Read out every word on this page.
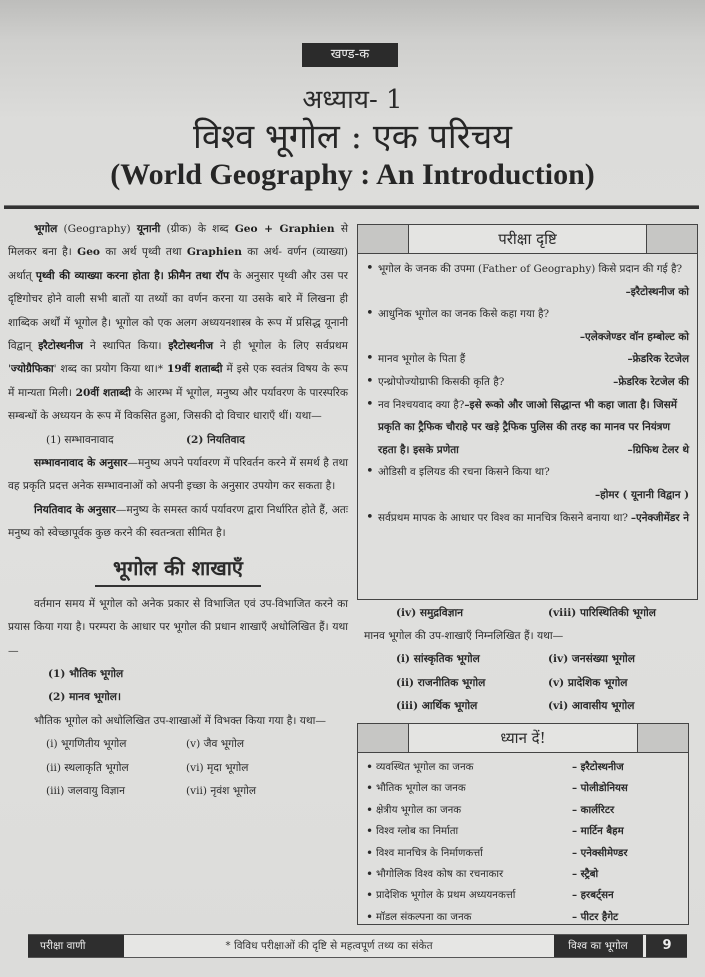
खण्ड-क
अध्याय- 1
विश्व भूगोल : एक परिचय
(World Geography : An Introduction)

भूगोल (Geography) यूनानी (ग्रीक) के शब्द Geo + Graphien से मिलकर बना है। Geo का अर्थ पृथ्वी तथा Graphien का अर्थ- वर्णन (व्याख्या) अर्थात् पृथ्वी की व्याख्या करना होता है। फ्रीमैन तथा रॉप के अनुसार पृथ्वी और उस पर दृष्टिगोचर होने वाली सभी बातों या तथ्यों का वर्णन करना या उसके बारे में लिखना ही शाब्दिक अर्थों में भूगोल है। भूगोल को एक अलग अध्ययनशास्त्र के रूप में प्रसिद्ध यूनानी विद्वान् इरैटोस्थनीज ने स्थापित किया। इरैटोस्थनीज ने ही भूगोल के लिए सर्वप्रथम 'ज्योग्रैफिका' शब्द का प्रयोग किया था।* 19वीं शताब्दी में इसे एक स्वतंत्र विषय के रूप में मान्यता मिली। 20वीं शताब्दी के आरम्भ में भूगोल, मनुष्य और पर्यावरण के पारस्परिक सम्बन्धों के अध्ययन के रूप में विकसित हुआ, जिसकी दो विचार धाराएँ थीं। यथा—

(1) सम्भावनावाद	(2) नियतिवाद

सम्भावनावाद के अनुसार—मनुष्य अपने पर्यावरण में परिवर्तन करने में समर्थ है तथा वह प्रकृति प्रदत्त अनेक सम्भावनाओं को अपनी इच्छा के अनुसार उपयोग कर सकता है।

नियतिवाद के अनुसार—मनुष्य के समस्त कार्य पर्यावरण द्वारा निर्धारित होते हैं, अतः मनुष्य को स्वेच्छापूर्वक कुछ करने की स्वतन्त्रता सीमित है।

भूगोल की शाखाएँ

वर्तमान समय में भूगोल को अनेक प्रकार से विभाजित एवं उप-विभाजित करने का प्रयास किया गया है। परम्परा के आधार पर भूगोल की प्रधान शाखाएँ अधोलिखित हैं। यथा—

(1) भौतिक भूगोल
(2) मानव भूगोल।

भौतिक भूगोल को अधोलिखित उप-शाखाओं में विभक्त किया गया है। यथा—

(i) भूगणितीय भूगोल	(v) जैव भूगोल
(ii) स्थलाकृति भूगोल	(vi) मृदा भूगोल
(iii) जलवायु विज्ञान	(vii) नृवंश भूगोल
परीक्षा दृष्टि
• भूगोल के जनक की उपमा (Father of Geography) किसे प्रदान की गई है?
–इरैटोस्थनीज को
• आधुनिक भूगोल का जनक किसे कहा गया है?
–एलेक्जेण्डर वॉन हम्बोल्ट को
• मानव भूगोल के पिता हैं	–फ्रेडरिक रेटजेल
• एन्थ्रोपोज्योग्राफी किसकी कृति है?	–फ्रेडरिक रेटजेल की
• नव निश्चयवाद क्या है?–इसे रूको और जाओ सिद्धान्त भी कहा जाता है। जिसमें प्रकृति का ट्रैफिक चौराहे पर खड़े ट्रैफिक पुलिस की तरह का मानव पर नियंत्रण रहता है। इसके प्रणेता	–ग्रिफिथ टेलर थे
• ओडिसी व इलियड की रचना किसने किया था?
–होमर ( यूनानी विद्वान )
• सर्वप्रथम मापक के आधार पर विश्व का मानचित्र किसने बनाया था? –एनेक्जीमेंडर ने
(iv) समुद्रविज्ञान	(viii) पारिस्थितिकी भूगोल
मानव भूगोल की उप-शाखाएँ निम्नलिखित हैं। यथा—
(i) सांस्कृतिक भूगोल	(iv) जनसंख्या भूगोल
(ii) राजनीतिक भूगोल	(v) प्रादेशिक भूगोल
(iii) आर्थिक भूगोल	(vi) आवासीय भूगोल
ध्यान दें!
• व्यवस्थित भूगोल का जनक	– इरैटोस्थनीज
• भौतिक भूगोल का जनक	– पोलीडोनियस
• क्षेत्रीय भूगोल का जनक	– कार्लरिटर
• विश्व ग्लोब का निर्माता	– मार्टिन बैहम
• विश्व मानचित्र के निर्माणकर्त्ता	– एनेक्सीमेण्डर
• भौगोलिक विश्व कोष का रचनाकार	– स्ट्रैबो
• प्रादेशिक भूगोल के प्रथम अध्ययनकर्त्ता	– हरबर्ट्सन
• मॉडल संकल्पना का जनक	– पीटर हैगेट
परीक्षा वाणी	* विविध परीक्षाओं की दृष्टि से महत्वपूर्ण तथ्य का संकेत	विश्व का भूगोल	9
